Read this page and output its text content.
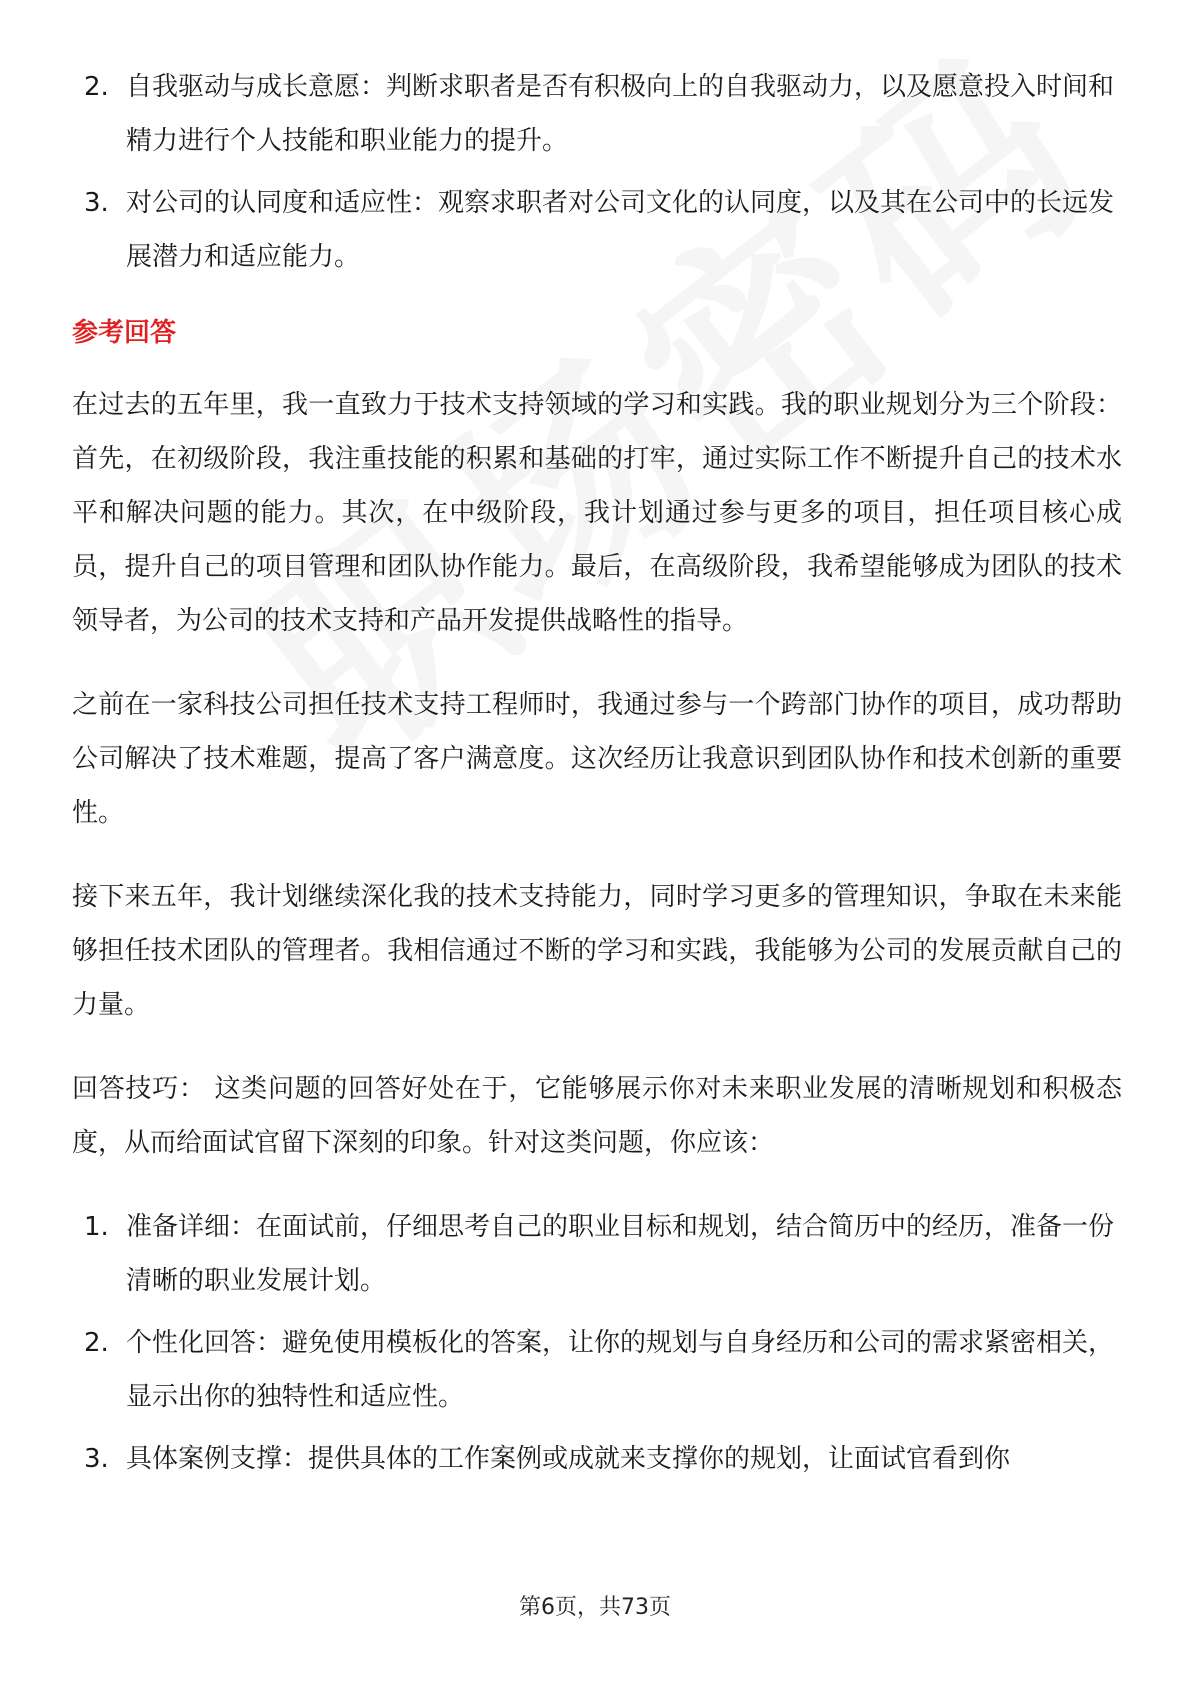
2. 自我驱动与成长意愿：判断求职者是否有积极向上的自我驱动力，以及愿意投入时间和精力进行个人技能和职业能力的提升。
3. 对公司的认同度和适应性：观察求职者对公司文化的认同度，以及其在公司中的长远发展潜力和适应能力。
参考回答

在过去的五年里，我一直致力于技术支持领域的学习和实践。我的职业规划分为三个阶段：首先，在初级阶段，我注重技能的积累和基础的打牢，通过实际工作不断提升自己的技术水平和解决问题的能力。其次，在中级阶段，我计划通过参与更多的项目，担任项目核心成员，提升自己的项目管理和团队协作能力。最后，在高级阶段，我希望能够成为团队的技术领导者，为公司的技术支持和产品开发提供战略性的指导。

之前在一家科技公司担任技术支持工程师时，我通过参与一个跨部门协作的项目，成功帮助公司解决了技术难题，提高了客户满意度。这次经历让我意识到团队协作和技术创新的重要性。

接下来五年，我计划继续深化我的技术支持能力，同时学习更多的管理知识，争取在未来能够担任技术团队的管理者。我相信通过不断的学习和实践，我能够为公司的发展贡献自己的力量。

回答技巧： 这类问题的回答好处在于，它能够展示你对未来职业发展的清晰规划和积极态度，从而给面试官留下深刻的印象。针对这类问题，你应该：

1. 准备详细：在面试前，仔细思考自己的职业目标和规划，结合简历中的经历，准备一份清晰的职业发展计划。
2. 个性化回答：避免使用模板化的答案，让你的规划与自身经历和公司的需求紧密相关，显示出你的独特性和适应性。
3. 具体案例支撑：提供具体的工作案例或成就来支撑你的规划，让面试官看到你
第6页，共73页
